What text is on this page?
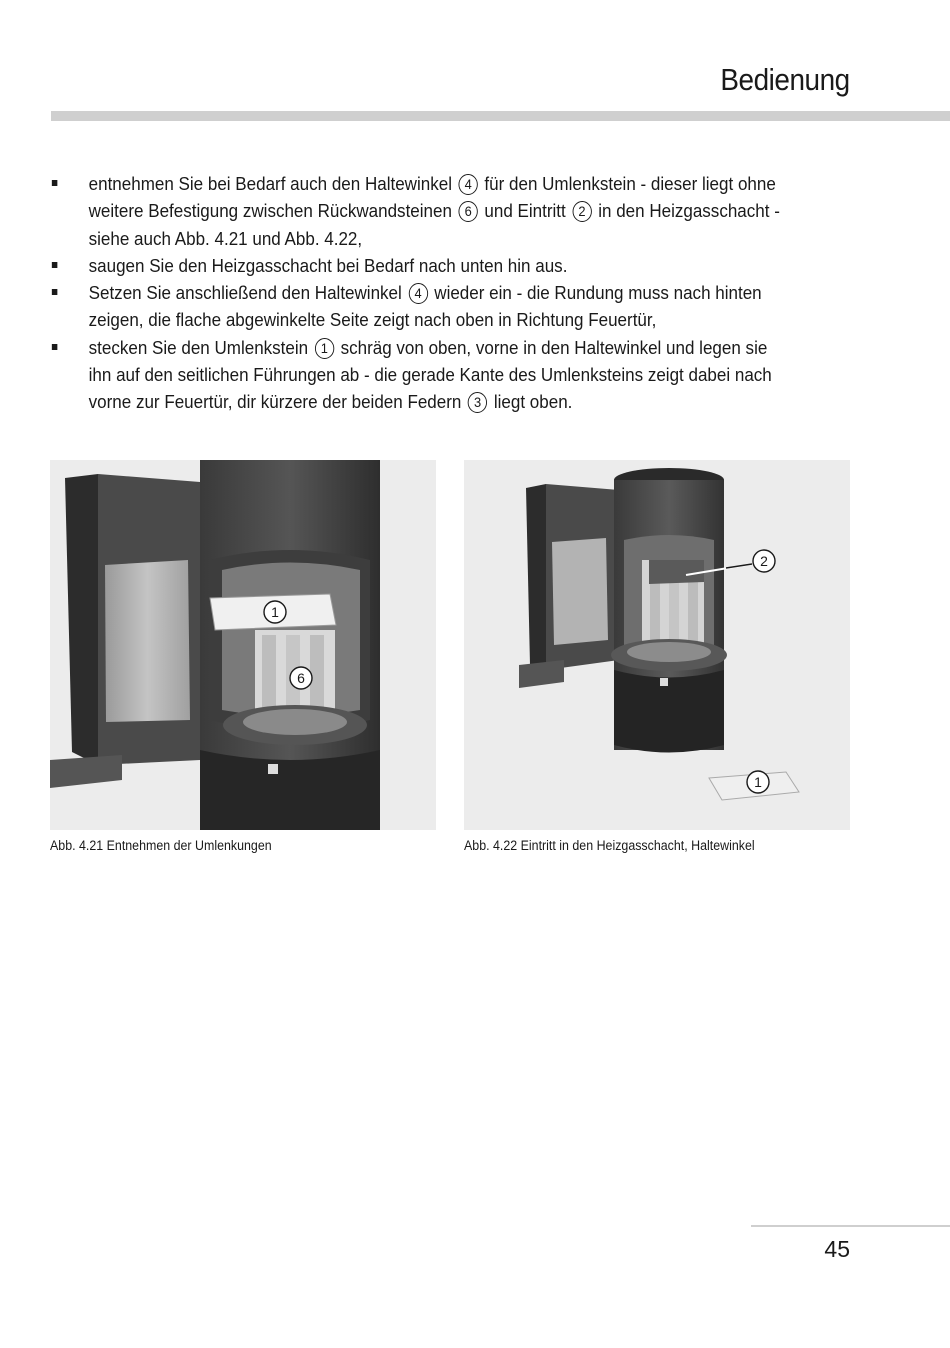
Bedienung
entnehmen Sie bei Bedarf auch den Haltewinkel 4 für den Umlenkstein - dieser liegt ohne weitere Befestigung zwischen Rückwandsteinen 6 und Eintritt 2 in den Heizgasschacht - siehe auch Abb. 4.21 und Abb. 4.22,
saugen Sie den Heizgasschacht bei Bedarf nach unten hin aus.
Setzen Sie anschließend den Haltewinkel 4 wieder ein - die Rundung muss nach hinten zeigen, die flache abgewinkelte Seite zeigt nach oben in Richtung Feuertür,
stecken Sie den Umlenkstein 1 schräg von oben, vorne in den Haltewinkel und legen sie ihn auf den seitlichen Führungen ab - die gerade Kante des Umlenksteins zeigt dabei nach vorne zur Feuertür, dir kürzere der beiden Federn 3 liegt oben.
1
6
Abb. 4.21 Entnehmen der Umlenkungen
2
1
Abb. 4.22 Eintritt in den Heizgasschacht, Haltewinkel
45
